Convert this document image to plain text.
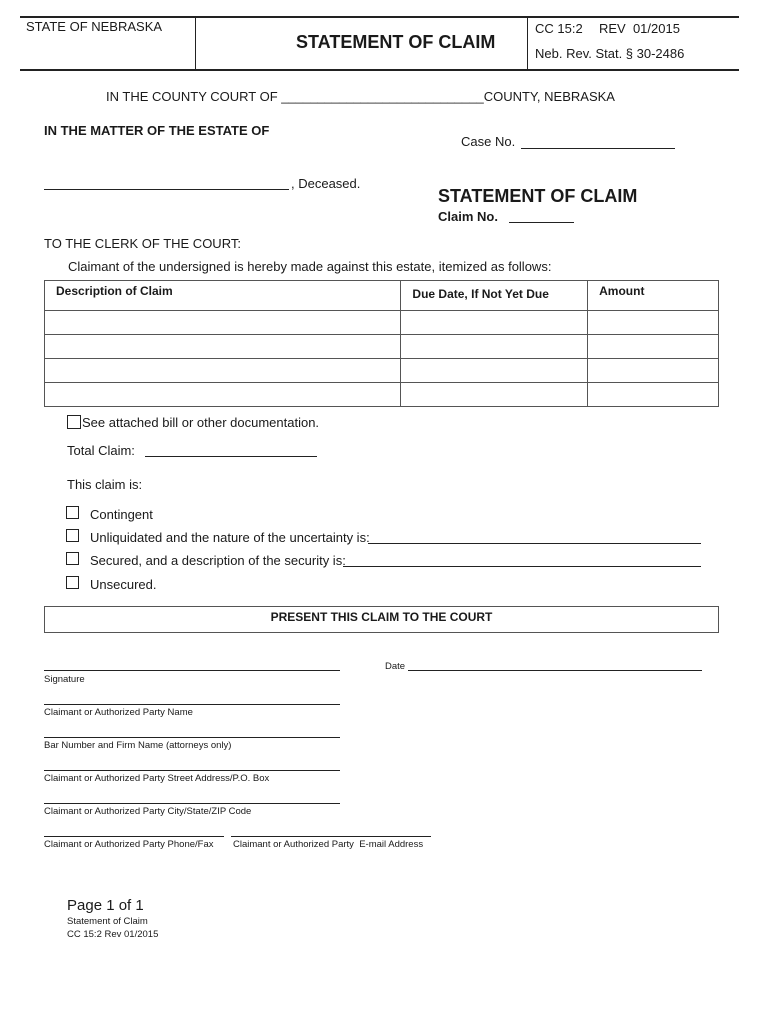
STATE OF NEBRASKA
STATEMENT OF CLAIM
CC 15:2 REV  01/2015
Neb. Rev. Stat. § 30-2486
IN THE COUNTY COURT OF ____________________________COUNTY, NEBRASKA
IN THE MATTER OF THE ESTATE OF
Case No.
, Deceased.
STATEMENT OF CLAIM
Claim No.
TO THE CLERK OF THE COURT:
Claimant of the undersigned is hereby made against this estate, itemized as follows:
Description of Claim	Due Date, If Not Yet Due	Amount

See attached bill or other documentation.
Total Claim:
This claim is:
Contingent
Unliquidated and the nature of the uncertainty is:
Secured, and a description of the security is:
Unsecured.
PRESENT THIS CLAIM TO THE COURT
Signature
Date
Claimant or Authorized Party Name
Bar Number and Firm Name (attorneys only)
Claimant or Authorized Party Street Address/P.O. Box
Claimant or Authorized Party City/State/ZIP Code
Claimant or Authorized Party Phone/Fax Claimant or Authorized Party  E-mail Address
Page 1 of 1
Statement of Claim
CC 15:2 Rev 01/2015
